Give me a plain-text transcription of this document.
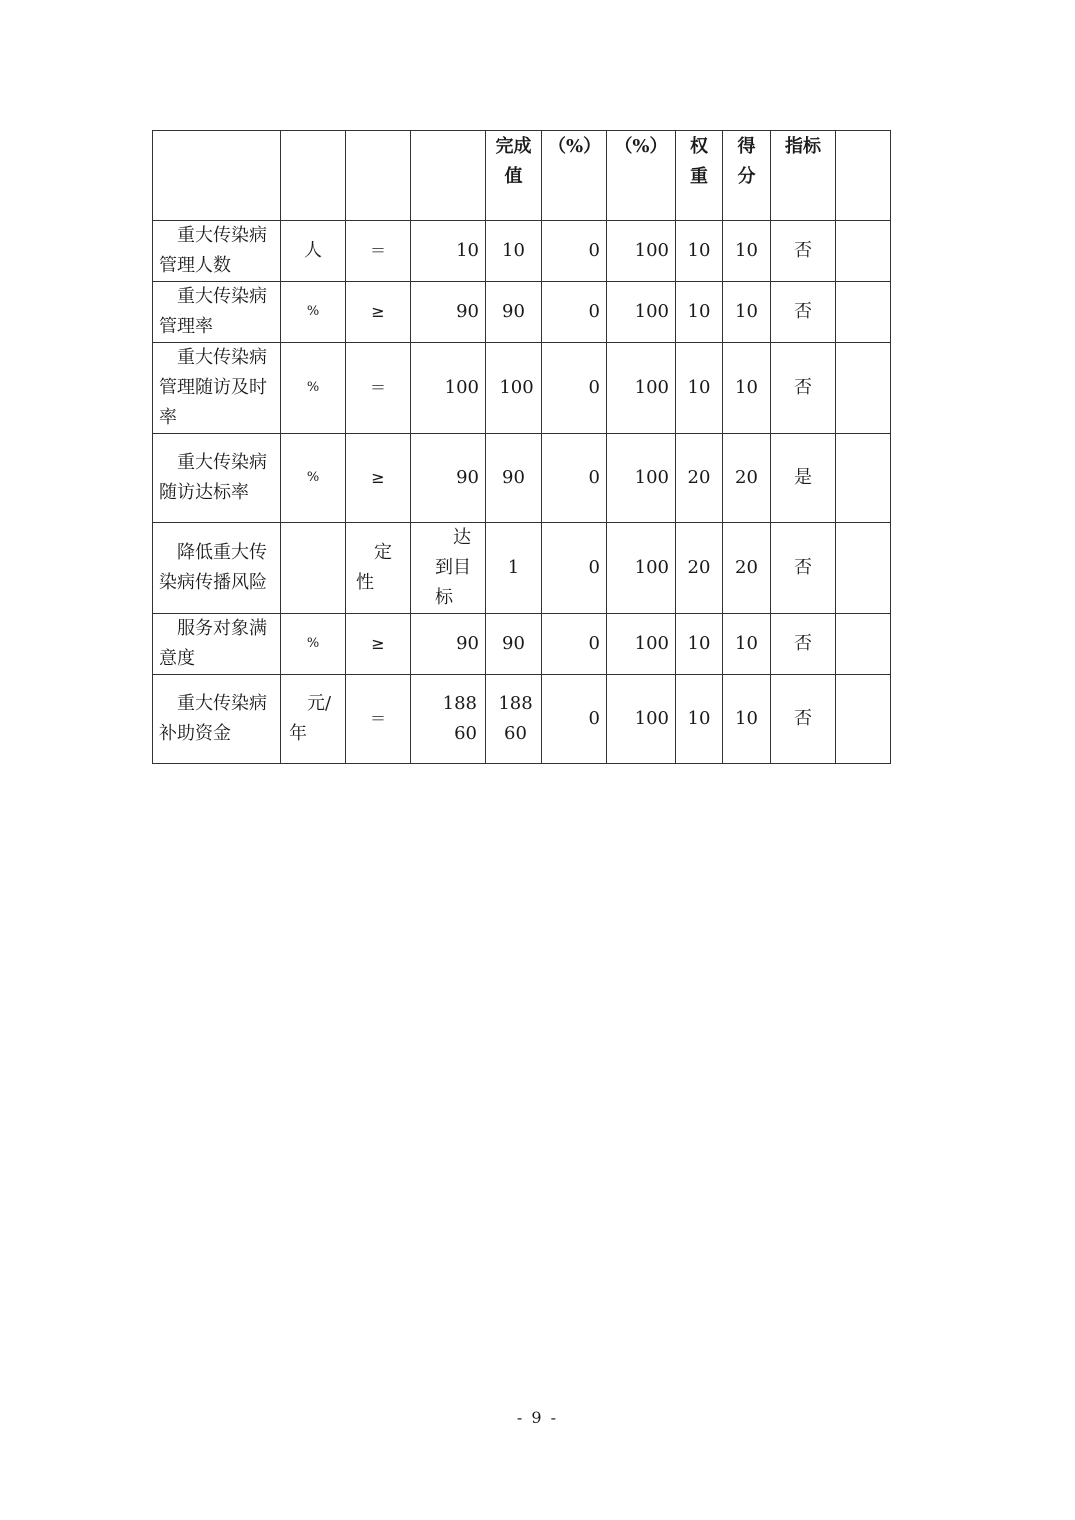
				完成值	（%）	（%）	权重	得分	指标	
重大传染病管理人数	人	＝	10	10	0	100	10	10	否	
重大传染病管理率	%	≥	90	90	0	100	10	10	否	
重大传染病管理随访及时率	%	＝	100	100	0	100	10	10	否	
重大传染病随访达标率	%	≥	90	90	0	100	20	20	是	
降低重大传染病传播风险		定性	达到目标	1	0	100	20	20	否	
服务对象满意度	%	≥	90	90	0	100	10	10	否	
重大传染病补助资金	元/年	＝	18860	18860	0	100	10	10	否	
- 9 -
